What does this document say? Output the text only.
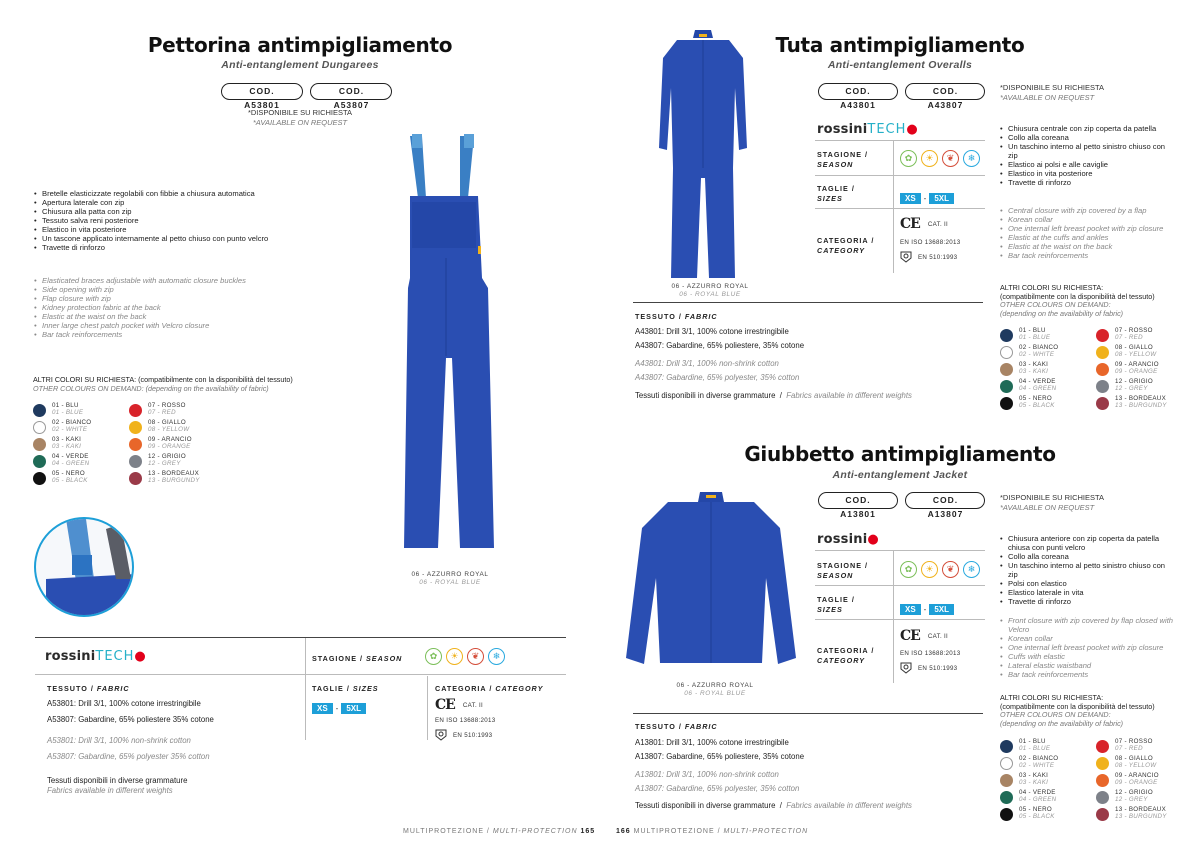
Pettorina antimpigliamento
Anti-entanglement Dungarees
COD. A53801 COD. A53807
*DISPONIBILE SU RICHIESTA
*AVAILABLE ON REQUEST
• Bretelle elasticizzate regolabili con fibbie a chiusura automatica
• Apertura laterale con zip
• Chiusura alla patta con zip
• Tessuto salva reni posteriore
• Elastico in vita posteriore
• Un tascone applicato internamente al petto chiuso con punto velcro
• Travette di rinforzo
• Elasticated braces adjustable with automatic closure buckles
• Side opening with zip
• Flap closure with zip
• Kidney protection fabric at the back
• Elastic at the waist on the back
• Inner large chest patch pocket with Velcro closure
• Bar tack reinforcements
ALTRI COLORI SU RICHIESTA: (compatibilmente con la disponibilità del tessuto)
OTHER COLOURS ON DEMAND: (depending on the availability of fabric)
01 - BLU
01 - BLUE
07 - ROSSO
07 - RED
02 - BIANCO
02 - WHITE
08 - GIALLO
08 - YELLOW
03 - KAKI
03 - KAKI
09 - ARANCIO
09 - ORANGE
04 - VERDE
04 - GREEN
12 - GRIGIO
12 - GREY
05 - NERO
05 - BLACK
13 - BORDEAUX
13 - BURGUNDY
06 - AZZURRO ROYAL
06 - ROYAL BLUE
rossiniTECH●	STAGIONE / SEASON	✿	☀	❦	❄
TESSUTO / FABRIC
A53801: Drill 3/1, 100% cotone irrestringibile
A53807: Gabardine, 65% poliestere 35% cotone
A53801: Drill 3/1, 100% non-shrink cotton
A53807: Gabardine, 65% polyester 35% cotton
Tessuti disponibili in diverse grammature
Fabrics available in different weights
TAGLIE / SIZES
XS - 5XL
CATEGORIA / CATEGORY
CE CAT. II
EN ISO 13688:2013
EN 510:1993
MULTIPROTEZIONE / MULTI-PROTECTION 165
06 - AZZURRO ROYAL
06 - ROYAL BLUE
Tuta antimpigliamento
Anti-entanglement Overalls
COD. A43801 COD. A43807
*DISPONIBILE SU RICHIESTA
*AVAILABLE ON REQUEST
rossiniTECH●
STAGIONE /
SEASON
✿	☀	❦	❄
TAGLIE /
SIZES	XS - 5XL
CATEGORIA /
CATEGORY
CE CAT. II
EN ISO 13688:2013
EN 510:1993
• Chiusura centrale con zip coperta da patella
• Collo alla coreana
• Un taschino interno al petto sinistro chiuso con zip
• Elastico ai polsi e alle caviglie
• Elastico in vita posteriore
• Travette di rinforzo
• Central closure with zip covered by a flap
• Korean collar
• One internal left breast pocket with zip closure
• Elastic at the cuffs and ankles
• Elastic at the waist on the back
• Bar tack reinforcements
ALTRI COLORI SU RICHIESTA:
(compatibilmente con la disponibilità del tessuto)
OTHER COLOURS ON DEMAND:
(depending on the availability of fabric)
01 - BLU
01 - BLUE
07 - ROSSO
07 - RED
02 - BIANCO
02 - WHITE
08 - GIALLO
08 - YELLOW
03 - KAKI
03 - KAKI
09 - ARANCIO
09 - ORANGE
04 - VERDE
04 - GREEN
12 - GRIGIO
12 - GREY
05 - NERO
05 - BLACK
13 - BORDEAUX
13 - BURGUNDY
TESSUTO / FABRIC
A43801: Drill 3/1, 100% cotone irrestringibile
A43807: Gabardine, 65% poliestere, 35% cotone
A43801: Drill 3/1, 100% non-shrink cotton
A43807: Gabardine, 65% polyester, 35% cotton
Tessuti disponibili in diverse grammature  /  Fabrics available in different weights
Giubbetto antimpigliamento
Anti-entanglement Jacket
COD. A13801 COD. A13807
*DISPONIBILE SU RICHIESTA
*AVAILABLE ON REQUEST
06 - AZZURRO ROYAL
06 - ROYAL BLUE
rossini●
STAGIONE /
SEASON
✿	☀	❦	❄
TAGLIE /
SIZES	XS - 5XL
CATEGORIA /
CATEGORY
CE CAT. II
EN ISO 13688:2013
EN 510:1993
• Chiusura anteriore con zip coperta da patella chiusa con punti velcro
• Collo alla coreana
• Un taschino interno al petto sinistro chiuso con zip
• Polsi con elastico
• Elastico laterale in vita
• Travette di rinforzo
• Front closure with zip covered by flap closed with Velcro
• Korean collar
• One internal left breast pocket with zip closure
• Cuffs with elastic
• Lateral elastic waistband
• Bar tack reinforcements
ALTRI COLORI SU RICHIESTA:
(compatibilmente con la disponibilità del tessuto)
OTHER COLOURS ON DEMAND:
(depending on the availability of fabric)
01 - BLU
01 - BLUE
07 - ROSSO
07 - RED
02 - BIANCO
02 - WHITE
08 - GIALLO
08 - YELLOW
03 - KAKI
03 - KAKI
09 - ARANCIO
09 - ORANGE
04 - VERDE
04 - GREEN
12 - GRIGIO
12 - GREY
05 - NERO
05 - BLACK
13 - BORDEAUX
13 - BURGUNDY
TESSUTO / FABRIC
A13801: Drill 3/1, 100% cotone irrestringibile
A13807: Gabardine, 65% poliestere, 35% cotone
A13801: Drill 3/1, 100% non-shrink cotton
A13807: Gabardine, 65% polyester, 35% cotton
Tessuti disponibili in diverse grammature  /  Fabrics available in different weights
166 MULTIPROTEZIONE / MULTI-PROTECTION
